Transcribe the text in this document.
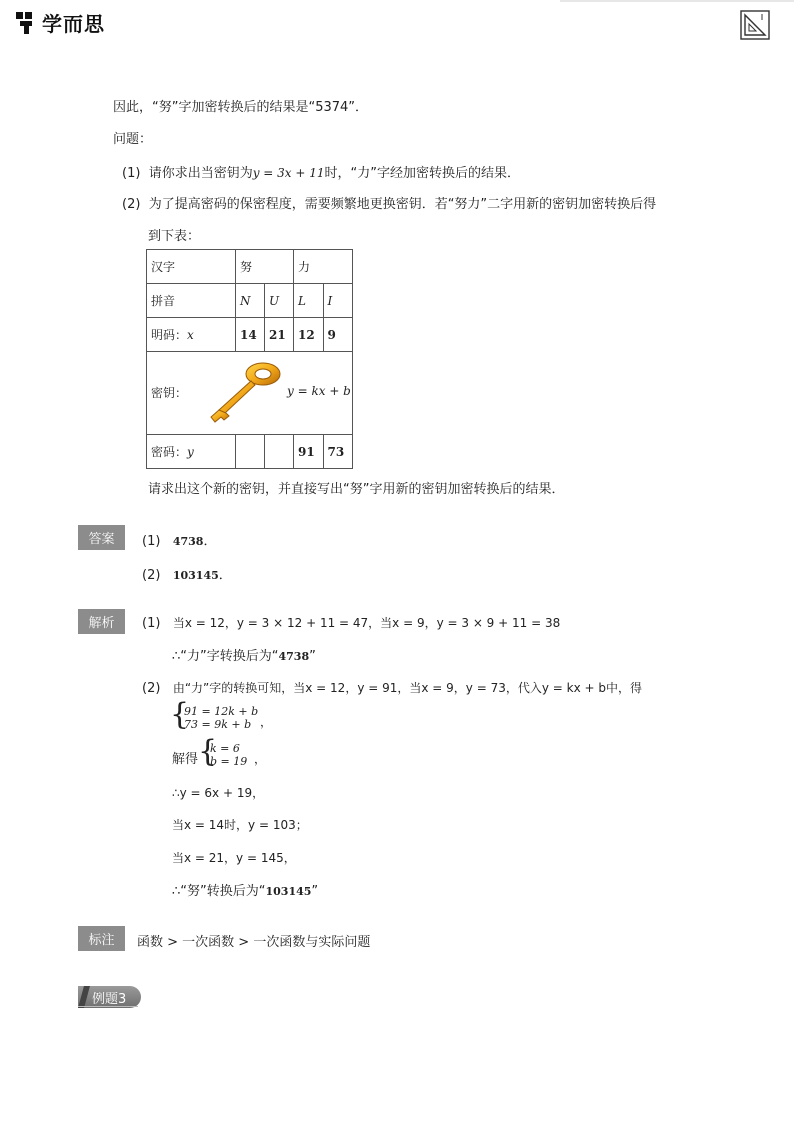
学而思
因此，“努”字加密转换后的结果是“5374”．
问题：
(1) 请你求出当密钥为y = 3x + 11时，“力”字经加密转换后的结果．
(2) 为了提高密码的保密程度，需要频繁地更换密钥．若“努力”二字用新的密钥加密转换后得
到下表：
汉字	努		力	
拼音	N	U	L	I
明码：x	14	21	12	9

密钥： y = kx + b				

密码：y			91	73
请求出这个新的密钥，并直接写出“努”字用新的密钥加密转换后的结果．
答案	(1) 4738．
(2) 103145．
解析	(1) 当x = 12，y = 3 × 12 + 11 = 47，当x = 9，y = 3 × 9 + 11 = 38
∴“力”字转换后为“4738”
(2) 由“力”字的转换可知，当x = 12，y = 91，当x = 9，y = 73，代入y = kx + b中，得
{
91 = 12k + b
73 = 9k + b ，
解得 {
k = 6
b = 19 ，
∴y = 6x + 19，
当x = 14时，y = 103；
当x = 21，y = 145，
∴“努”转换后为“103145”
标注	函数 > 一次函数 > 一次函数与实际问题
例题3
